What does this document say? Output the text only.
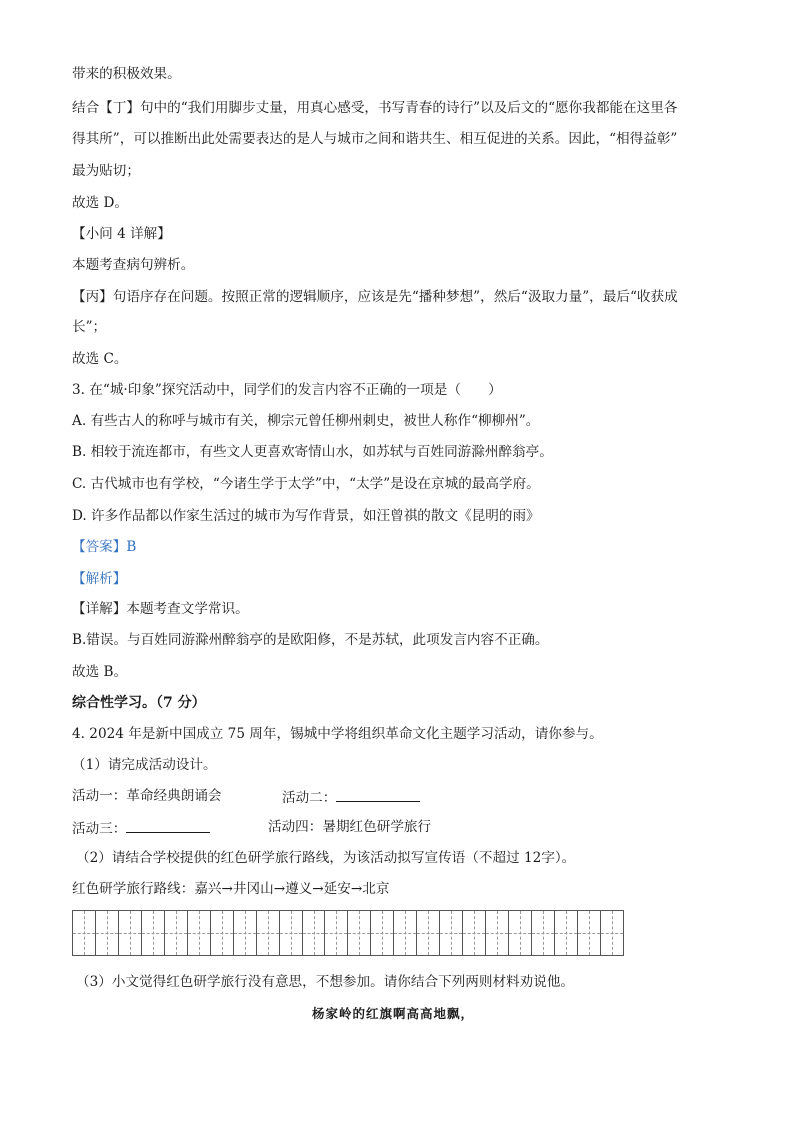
带来的积极效果。
结合【丁】句中的“我们用脚步丈量，用真心感受，书写青春的诗行”以及后文的“愿你我都能在这里各
得其所”，可以推断出此处需要表达的是人与城市之间和谐共生、相互促进的关系。因此，“相得益彰”
最为贴切；
故选 D。
【小问 4 详解】
本题考查病句辨析。
【丙】句语序存在问题。按照正常的逻辑顺序，应该是先“播种梦想”，然后“汲取力量”，最后“收获成
长”；
故选 C。
3. 在“城·印象”探究活动中，同学们的发言内容不正确的一项是（　　）
A. 有些古人的称呼与城市有关，柳宗元曾任柳州刺史，被世人称作“柳柳州”。
B. 相较于流连都市，有些文人更喜欢寄情山水，如苏轼与百姓同游滁州醉翁亭。
C. 古代城市也有学校，“今诸生学于太学”中，“太学”是设在京城的最高学府。
D. 许多作品都以作家生活过的城市为写作背景，如汪曾祺的散文《昆明的雨》
【答案】B
【解析】
【详解】本题考查文学常识。
B.错误。与百姓同游滁州醉翁亭的是欧阳修，不是苏轼，此项发言内容不正确。
故选 B。
综合性学习。（7 分）
4. 2024 年是新中国成立 75 周年，锡城中学将组织革命文化主题学习活动，请你参与。
（1）请完成活动设计。
活动一：革命经典朗诵会	活动二：
活动三：	活动四：暑期红色研学旅行
（2）请结合学校提供的红色研学旅行路线，为该活动拟写宣传语（不超过 12字）。
红色研学旅行路线：嘉兴→井冈山→遵义→延安→北京
（3）小文觉得红色研学旅行没有意思，不想参加。请你结合下列两则材料劝说他。
杨家岭的红旗啊高高地飘，
